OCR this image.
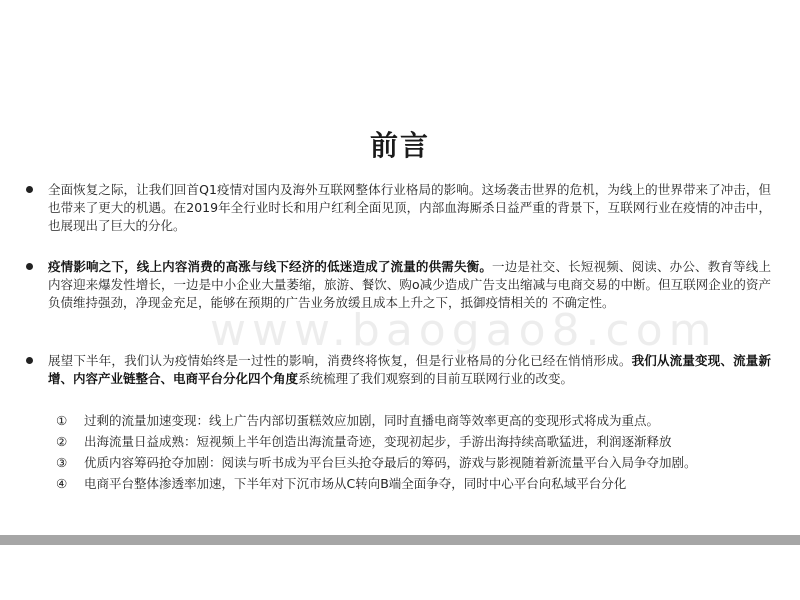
www.baogao8.com
前言
全面恢复之际，让我们回首Q1疫情对国内及海外互联网整体行业格局的影响。这场袭击世界的危机，为线上的世界带来了冲击，但也带来了更大的机遇。在2019年全行业时长和用户红利全面见顶，内部血海厮杀日益严重的背景下，互联网行业在疫情的冲击中，也展现出了巨大的分化。
疫情影响之下，线上内容消费的高涨与线下经济的低迷造成了流量的供需失衡。一边是社交、长短视频、阅读、办公、教育等线上内容迎来爆发性增长，一边是中小企业大量萎缩，旅游、餐饮、购o减少造成广告支出缩减与电商交易的中断。但互联网企业的资产负债维持强劲，净现金充足，能够在预期的广告业务放缓且成本上升之下，抵御疫情相关的 不确定性。
展望下半年，我们认为疫情始终是一过性的影响，消费终将恢复，但是行业格局的分化已经在悄悄形成。我们从流量变现、流量新增、内容产业链整合、电商平台分化四个角度系统梳理了我们观察到的目前互联网行业的改变。
①	过剩的流量加速变现：线上广告内部切蛋糕效应加剧，同时直播电商等效率更高的变现形式将成为重点。
②	出海流量日益成熟：短视频上半年创造出海流量奇迹，变现初起步，手游出海持续高歌猛进，利润逐渐释放
③	优质内容筹码抢夺加剧：阅读与听书成为平台巨头抢夺最后的筹码，游戏与影视随着新流量平台入局争夺加剧。
④	电商平台整体渗透率加速，下半年对下沉市场从C转向B端全面争夺，同时中心平台向私域平台分化
